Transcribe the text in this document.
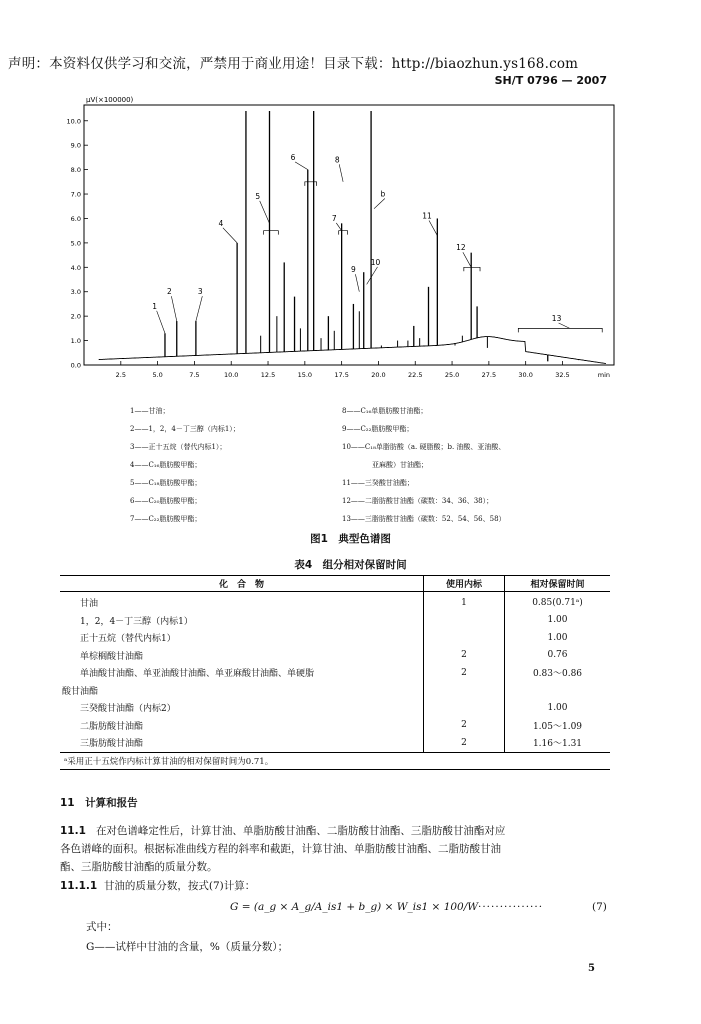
声明：本资料仅供学习和交流，严禁用于商业用途！目录下载：http://biaozhun.ys168.com
SH/T 0796 — 2007
μV(×100000)
1.0
2.0
3.0
4.0
5.0
6.0
7.0
8.0
9.0
10.0
0.0
2.5	5.0	7.5	10.0	12.5	15.0	17.5	20.0	22.5	25.0	27.5	30.0	32.5	min
1
2	3
4
5
6
7
8
9
10
b
11
12
13
1——甘油；
2——1，2，4－丁三醇（内标1）；
3——正十五烷（替代内标1）；
4——C₁₆脂肪酸甲酯；
5——C₁₈脂肪酸甲酯；
6——C₂₀脂肪酸甲酯；
7——C₂₂脂肪酸甲酯；
8——C₁₆单脂肪酸甘油酯；
9——C₂₂脂肪酸甲酯；
10——C₁₈单脂肪酸（a. 硬脂酸；b. 油酸、亚油酸、
亚麻酸）甘油酯；
11——三癸酸甘油酯；
12——二脂肪酸甘油酯（碳数：34、36、38）；
13——三脂肪酸甘油酯（碳数：52、54、56、58）
图1　典型色谱图
表4　组分相对保留时间
化　合　物	使用内标	相对保留时间
甘油	1	0.85(0.71ᵃ)
1，2，4－丁三醇（内标1）		1.00
正十五烷（替代内标1）		1.00
单棕榈酸甘油酯	2	0.76
单油酸甘油酯、单亚油酸甘油酯、单亚麻酸甘油酯、单硬脂	2	0.83～0.86
酸甘油酯		
三癸酸甘油酯（内标2）		1.00
二脂肪酸甘油酯	2	1.05～1.09
三脂肪酸甘油酯	2	1.16～1.31
ᵃ采用正十五烷作内标计算甘油的相对保留时间为0.71。		
11　计算和报告
11.1 在对色谱峰定性后，计算甘油、单脂肪酸甘油酯、二脂肪酸甘油酯、三脂肪酸甘油酯对应
各色谱峰的面积。根据标准曲线方程的斜率和截距，计算甘油、单脂肪酸甘油酯、二脂肪酸甘油
酯、三脂肪酸甘油酯的质量分数。
11.1.1 甘油的质量分数，按式(7)计算：
G = (a_g × A_g/A_is1 + b_g) × W_is1 × 100/W ···············	(7)
式中：
G——试样中甘油的含量，%（质量分数）；
5
